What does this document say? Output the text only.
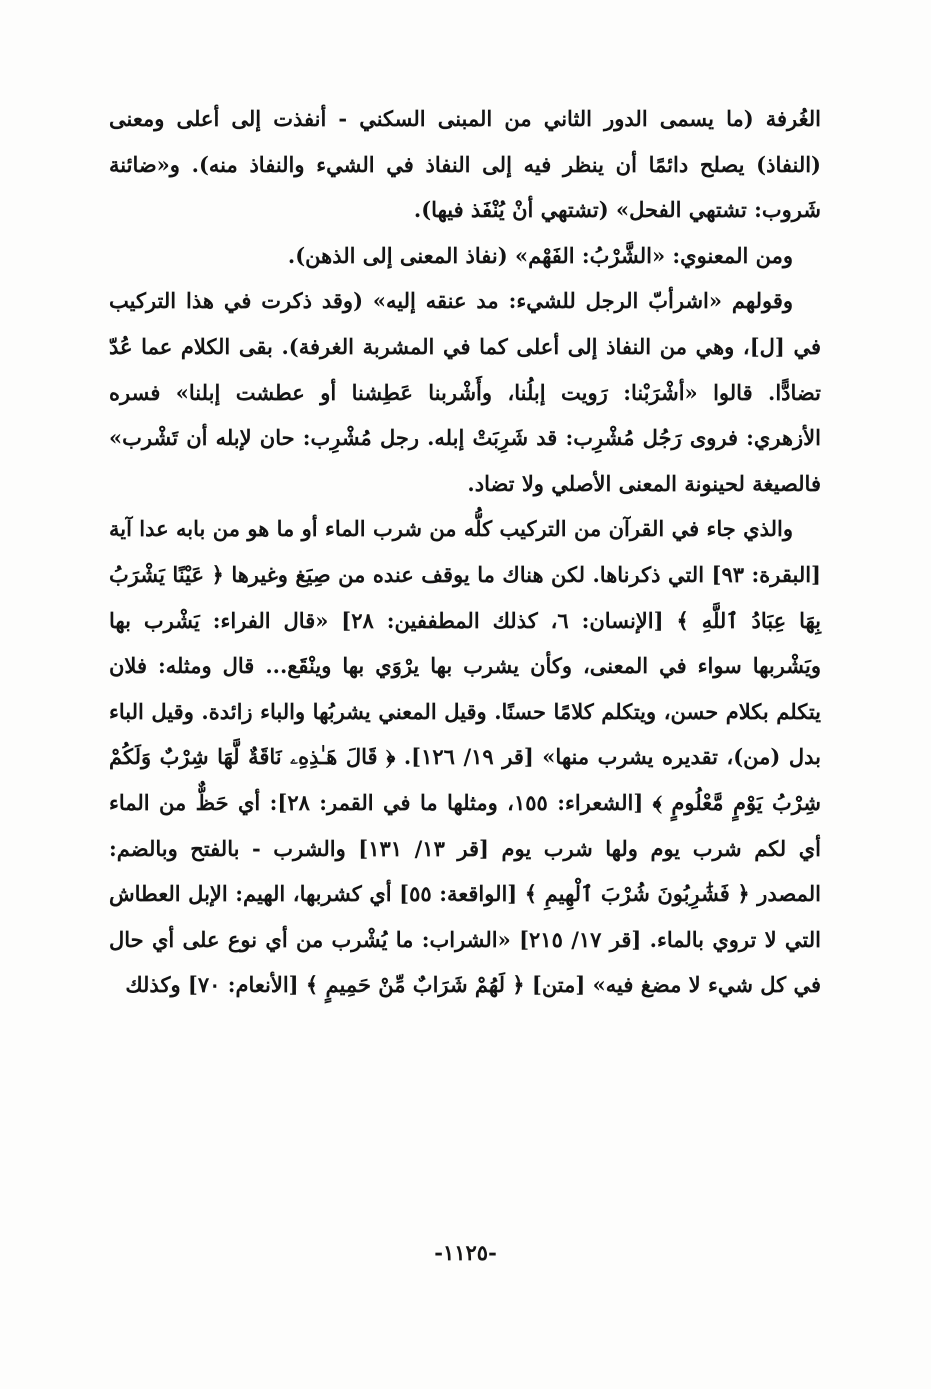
الغُرفة (ما يسمى الدور الثاني من المبنى السكني - أنفذت إلى أعلى ومعنى (النفاذ) يصلح دائمًا أن ينظر فيه إلى النفاذ في الشيء والنفاذ منه). و«ضائنة شَروب: تشتهي الفحل» (تشتهي أنْ يُنْفَذ فيها).

ومن المعنوي: «الشَّرْبُ: الفَهْم» (نفاذ المعنى إلى الذهن).

وقولهم «اشرأبّ الرجل للشيء: مد عنقه إليه» (وقد ذكرت في هذا التركيب في [ل]، وهي من النفاذ إلى أعلى كما في المشربة الغرفة). بقى الكلام عما عُدّ تضادًّا. قالوا «أشْرَبْنا: رَويت إبلُنا، وأَشْربنا عَطِشنا أو عطشت إبلنا» فسره الأزهري: فروى رَجُل مُشْرِب: قد شَرِبَتْ إبله. رجل مُشْرِب: حان لإبله أن تَشْرب» فالصيغة لحينونة المعنى الأصلي ولا تضاد.

والذي جاء في القرآن من التركيب كلُّه من شرب الماء أو ما هو من بابه عدا آية [البقرة: ٩٣] التي ذكرناها. لكن هناك ما يوقف عنده من صِيَغ وغيرها ﴿ عَيْنًا يَشْرَبُ بِهَا عِبَادُ ٱللَّهِ ﴾ [الإنسان: ٦، كذلك المطففين: ٢٨] «قال الفراء: يَشْرب بها ويَشْربها سواء في المعنى، وكأن يشرب بها يرْوَي بها وينْقَع... قال ومثله: فلان يتكلم بكلام حسن، ويتكلم كلامًا حسنًا. وقيل المعني يشربُها والباء زائدة. وقيل الباء بدل (من)، تقديره يشرب منها» [قر ١٩/ ١٢٦]. ﴿ قَالَ هَـٰذِهِۦ نَاقَةٌ لَّهَا شِرْبٌ وَلَكُمْ شِرْبُ يَوْمٍ مَّعْلُومٍ ﴾ [الشعراء: ١٥٥، ومثلها ما في القمر: ٢٨]: أي حَظٌّ من الماء أي لكم شرب يوم ولها شرب يوم [قر ١٣/ ١٣١] والشرب - بالفتح وبالضم: المصدر ﴿ فَشَٰرِبُونَ شُرْبَ ٱلْهِيمِ ﴾ [الواقعة: ٥٥] أي كشربها، الهيم: الإبل العطاش التي لا تروي بالماء. [قر ١٧/ ٢١٥] «الشراب: ما يُشْرب من أي نوع على أي حال في كل شيء لا مضغ فيه» [متن] ﴿ لَهُمْ شَرَابٌ مِّنْ حَمِيمٍ ﴾ [الأنعام: ٧٠] وكذلك

-١١٢٥-
